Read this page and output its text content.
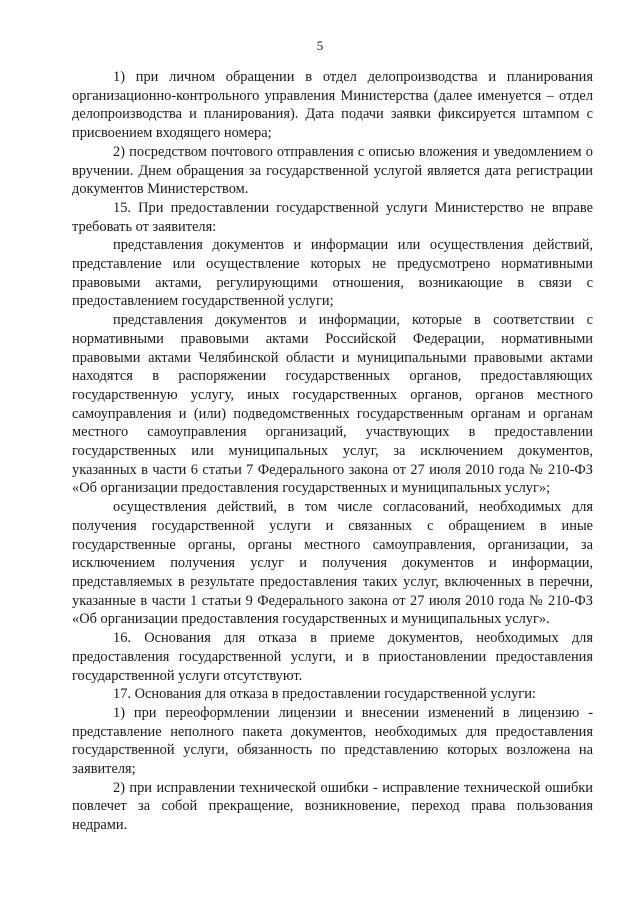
5

1) при личном обращении в отдел делопроизводства и планирования организационно-контрольного управления Министерства (далее именуется – отдел делопроизводства и планирования). Дата подачи заявки фиксируется штампом с присвоением входящего номера;

2) посредством почтового отправления с описью вложения и уведомлением о вручении. Днем обращения за государственной услугой является дата регистрации документов Министерством.

15. При предоставлении государственной услуги Министерство не вправе требовать от заявителя:

представления документов и информации или осуществления действий, представление или осуществление которых не предусмотрено нормативными правовыми актами, регулирующими отношения, возникающие в связи с предоставлением государственной услуги;

представления документов и информации, которые в соответствии с нормативными правовыми актами Российской Федерации, нормативными правовыми актами Челябинской области и муниципальными правовыми актами находятся в распоряжении государственных органов, предоставляющих государственную услугу, иных государственных органов, органов местного самоуправления и (или) подведомственных государственным органам и органам местного самоуправления организаций, участвующих в предоставлении государственных или муниципальных услуг, за исключением документов, указанных в части 6 статьи 7 Федерального закона от 27 июля 2010 года № 210-ФЗ «Об организации предоставления государственных и муниципальных услуг»;

осуществления действий, в том числе согласований, необходимых для получения государственной услуги и связанных с обращением в иные государственные органы, органы местного самоуправления, организации, за исключением получения услуг и получения документов и информации, представляемых в результате предоставления таких услуг, включенных в перечни, указанные в части 1 статьи 9 Федерального закона от 27 июля 2010 года № 210-ФЗ «Об организации предоставления государственных и муниципальных услуг».

16. Основания для отказа в приеме документов, необходимых для предоставления государственной услуги, и в приостановлении предоставления государственной услуги отсутствуют.

17. Основания для отказа в предоставлении государственной услуги:

1) при переоформлении лицензии и внесении изменений в лицензию - представление неполного пакета документов, необходимых для предоставления государственной услуги, обязанность по представлению которых возложена на заявителя;

2) при исправлении технической ошибки - исправление технической ошибки повлечет за собой прекращение, возникновение, переход права пользования недрами.
